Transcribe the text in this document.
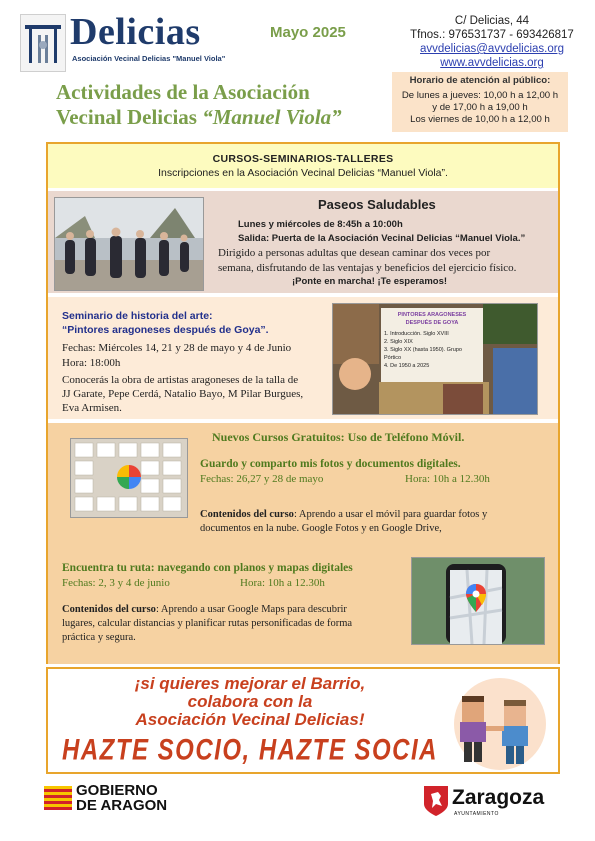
Delicias
Asociación Vecinal Delicias "Manuel Viola"
Mayo 2025
C/ Delicias, 44
Tfnos.: 976531737 - 693426817
avvdelicias@avvdelicias.org
www.avvdelicias.org
Actividades de la Asociación
Vecinal Delicias “Manuel Viola”
Horario de atención al público:
De lunes a jueves: 10,00 h a 12,00 h
y de 17,00 h a 19,00 h
Los viernes de 10,00 h a 12,00 h
CURSOS-SEMINARIOS-TALLERES
Inscripciones en la Asociación Vecinal Delicias “Manuel Viola”.
Paseos Saludables
Lunes y miércoles de 8:45h a 10:00h
Salida: Puerta de la Asociación Vecinal Delicias “Manuel Viola.”
Dirigido a personas adultas que desean caminar dos veces por
semana, disfrutando de las ventajas y beneficios del ejercicio físico.
¡Ponte en marcha! ¡Te esperamos!
Seminario de historia del arte:
“Pintores aragoneses después de Goya”.
Fechas: Miércoles 14, 21 y 28 de mayo y 4 de Junio
Hora: 18:00h
Conocerás la obra de artistas aragoneses de la talla de
JJ Garate, Pepe Cerdá, Natalio Bayo, M Pilar Burgues,
Eva Armisen.
PINTORES ARAGONESES
DESPUÉS DE GOYA
1. Introducción. Siglo XVIII
2. Siglo XIX
3. Siglo XX (hasta 1950). Grupo Pórtico
4. De 1950 a 2025
Nuevos Cursos Gratuitos: Uso de Teléfono Móvil.
Guardo y comparto mis fotos y documentos digitales.
Fechas: 26,27 y 28 de mayo	Hora: 10h a 12.30h
Contenidos del curso: Aprendo a usar el móvil para guardar fotos y
documentos en la nube. Google Fotos y en Google Drive,
Encuentra tu ruta: navegando con planos y mapas digitales
Fechas: 2, 3 y 4 de junio	Hora: 10h a 12.30h
Contenidos del curso: Aprendo a usar Google Maps para descubrir
lugares, calcular distancias y planificar rutas personificadas de forma
práctica y segura.
¡si quieres mejorar el Barrio,
colabora con la
Asociación Vecinal Delicias!
HAZTE SOCIO, HAZTE SOCIA
GOBIERNO
DE ARAGON	Zaragoza
AYUNTAMIENTO
